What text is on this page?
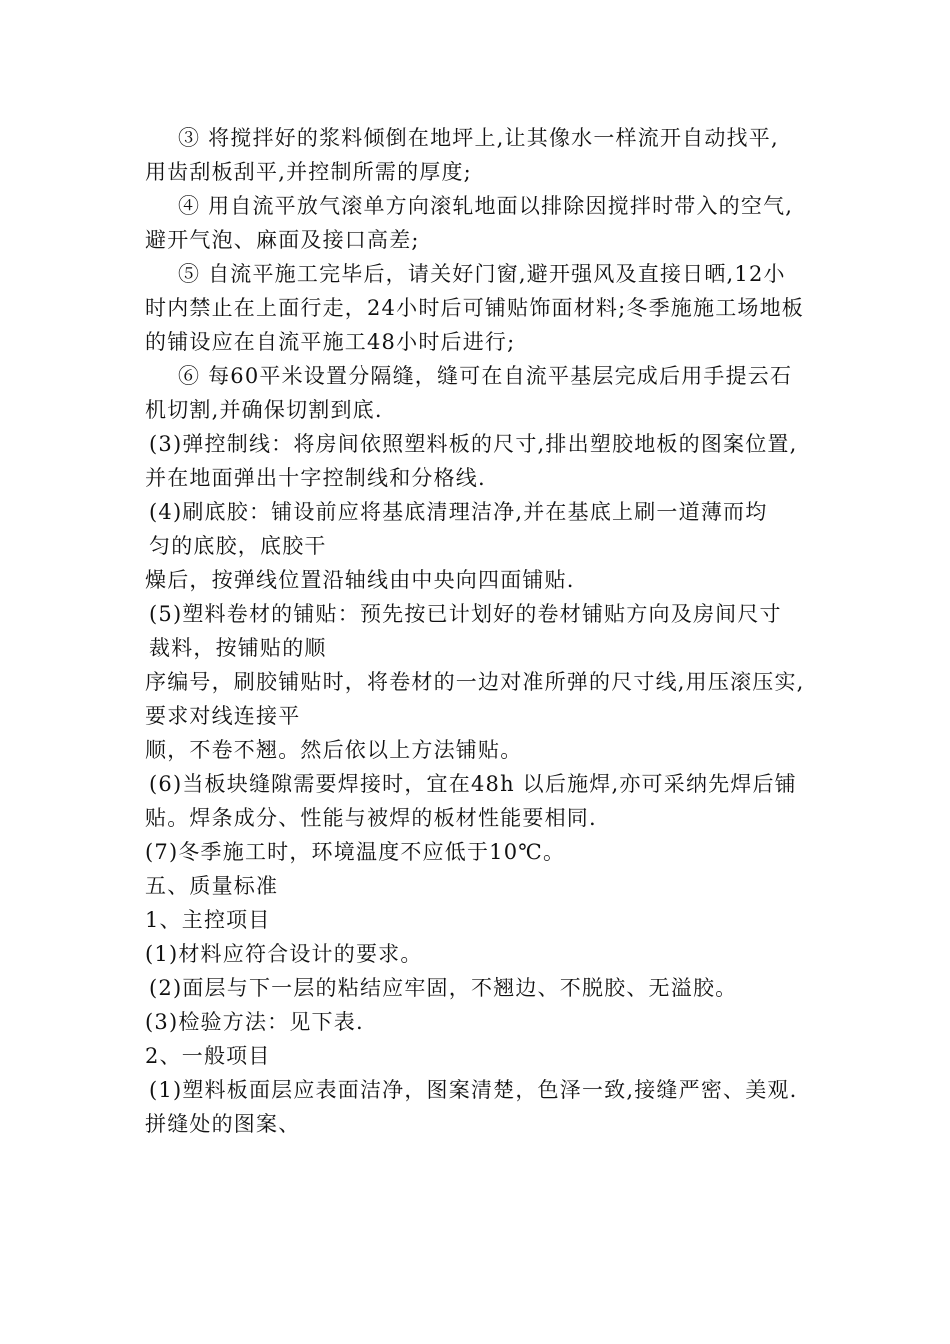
③ 将搅拌好的浆料倾倒在地坪上,让其像水一样流开自动找平,
用齿刮板刮平,并控制所需的厚度;
④ 用自流平放气滚单方向滚轧地面以排除因搅拌时带入的空气,
避开气泡、麻面及接口高差;
⑤ 自流平施工完毕后，请关好门窗,避开强风及直接日晒,12小
时内禁止在上面行走，24小时后可铺贴饰面材料;冬季施施工场地板
的铺设应在自流平施工48小时后进行;
⑥ 每60平米设置分隔缝，缝可在自流平基层完成后用手提云石
机切割,并确保切割到底.
(3)弹控制线：将房间依照塑料板的尺寸,排出塑胶地板的图案位置,
并在地面弹出十字控制线和分格线.
(4)刷底胶：铺设前应将基底清理洁净,并在基底上刷一道薄而均
匀的底胶，底胶干
燥后，按弹线位置沿轴线由中央向四面铺贴.
(5)塑料卷材的铺贴：预先按已计划好的卷材铺贴方向及房间尺寸
裁料，按铺贴的顺
序编号，刷胶铺贴时，将卷材的一边对准所弹的尺寸线,用压滚压实,
要求对线连接平
顺，不卷不翘。然后依以上方法铺贴。
(6)当板块缝隙需要焊接时，宜在48h 以后施焊,亦可采纳先焊后铺
贴。焊条成分、性能与被焊的板材性能要相同.
(7)冬季施工时，环境温度不应低于10℃。
五、质量标准
1、主控项目
(1)材料应符合设计的要求。
(2)面层与下一层的粘结应牢固，不翘边、不脱胶、无溢胶。
(3)检验方法：见下表.
2、一般项目
(1)塑料板面层应表面洁净，图案清楚，色泽一致,接缝严密、美观.
拼缝处的图案、
